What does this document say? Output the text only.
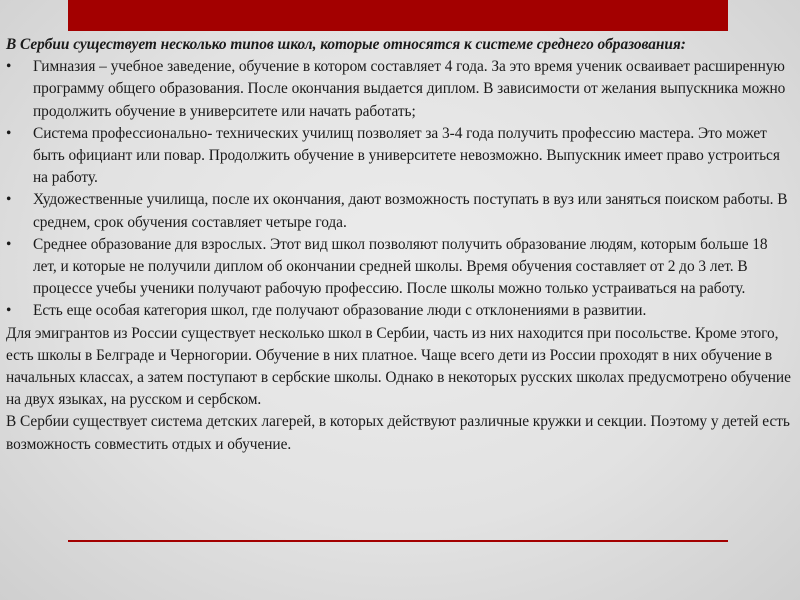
В Сербии существует несколько типов школ, которые относятся к системе среднего образования:

• Гимназия – учебное заведение, обучение в котором составляет 4 года. За это время ученик осваивает расширенную программу общего образования. После окончания выдается диплом. В зависимости от желания выпускника можно продолжить обучение в университете или начать работать;
• Система профессионально- технических училищ позволяет за 3-4 года получить профессию мастера. Это может быть официант или повар. Продолжить обучение в университете невозможно. Выпускник имеет право устроиться на работу.
• Художественные училища, после их окончания, дают возможность поступать в вуз или заняться поиском работы. В среднем, срок обучения составляет четыре года.
• Среднее образование для взрослых. Этот вид школ позволяют получить образование людям, которым больше 18 лет, и которые не получили диплом об окончании средней школы. Время обучения составляет от 2 до 3 лет. В процессе учебы ученики получают рабочую профессию. После школы можно только устраиваться на работу.
• Есть еще особая категория школ, где получают образование люди с отклонениями в развитии.

Для эмигрантов из России существует несколько школ в Сербии, часть из них находится при посольстве. Кроме этого, есть школы в Белграде и Черногории. Обучение в них платное. Чаще всего дети из России проходят в них обучение в начальных классах, а затем поступают в сербские школы. Однако в некоторых русских школах предусмотрено обучение на двух языках, на русском и сербском.

В Сербии существует система детских лагерей, в которых действуют различные кружки и секции. Поэтому у детей есть возможность совместить отдых и обучение.
